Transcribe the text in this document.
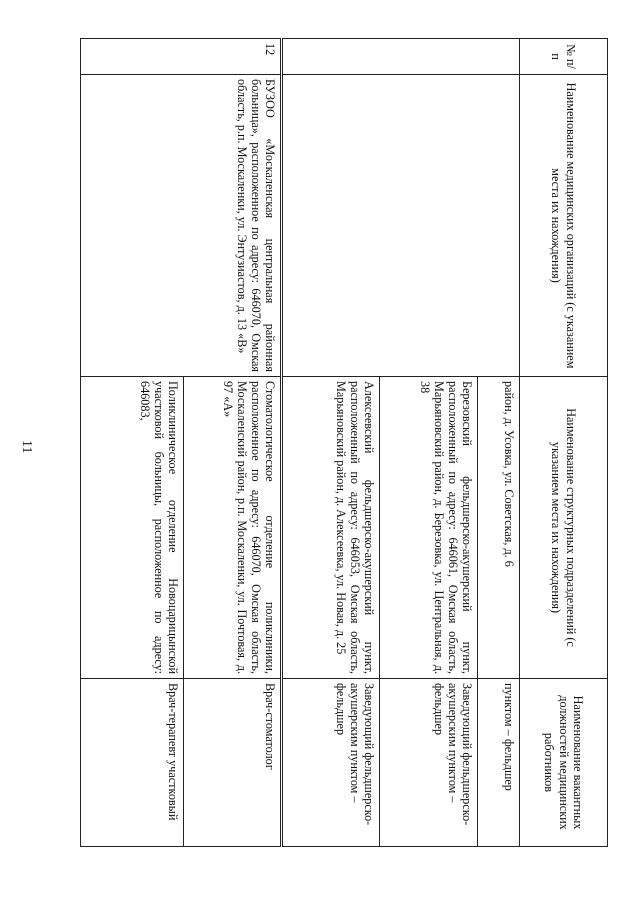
11
№ п/п	Наименование медицинских организаций (с указанием места их нахождения)	Наименование структурных подразделений (с указанием места их нахождения)	Наименование вакантных должностей медицинских работников
		район, д. Усовка, ул. Советская, д. 6	пунктом – фельдшер
		Березовский фельдшерско-акушерский пункт, расположенный по адресу: 646061, Омская область, Марьяновский район, д. Березовка, ул. Центральная, д. 38	Заведующий фельдшерско-акушерским пунктом – фельдшер
		Алексеевский фельдшерско-акушерский пункт, расположенный по адресу: 646053, Омская область, Марьяновский район, д. Алексеевка, ул. Новая, д. 25	Заведующий фельдшерско-акушерским пунктом – фельдшер
12	БУЗОО «Москаленская центральная районная больница», расположенное по адресу: 646070, Омская область, р.п. Москаленки, ул. Энтузиастов, д. 13 «В»	Стоматологическое отделение поликлиники, расположенное по адресу: 646070, Омская область, Москаленский район, р.п. Москаленки, ул. Почтовая, д. 97 «А»	Врач-стоматолог
		Поликлиническое отделение Новоцарицынской участковой больницы, расположенное по адресу: 646083,	Врач-терапевт участковый
